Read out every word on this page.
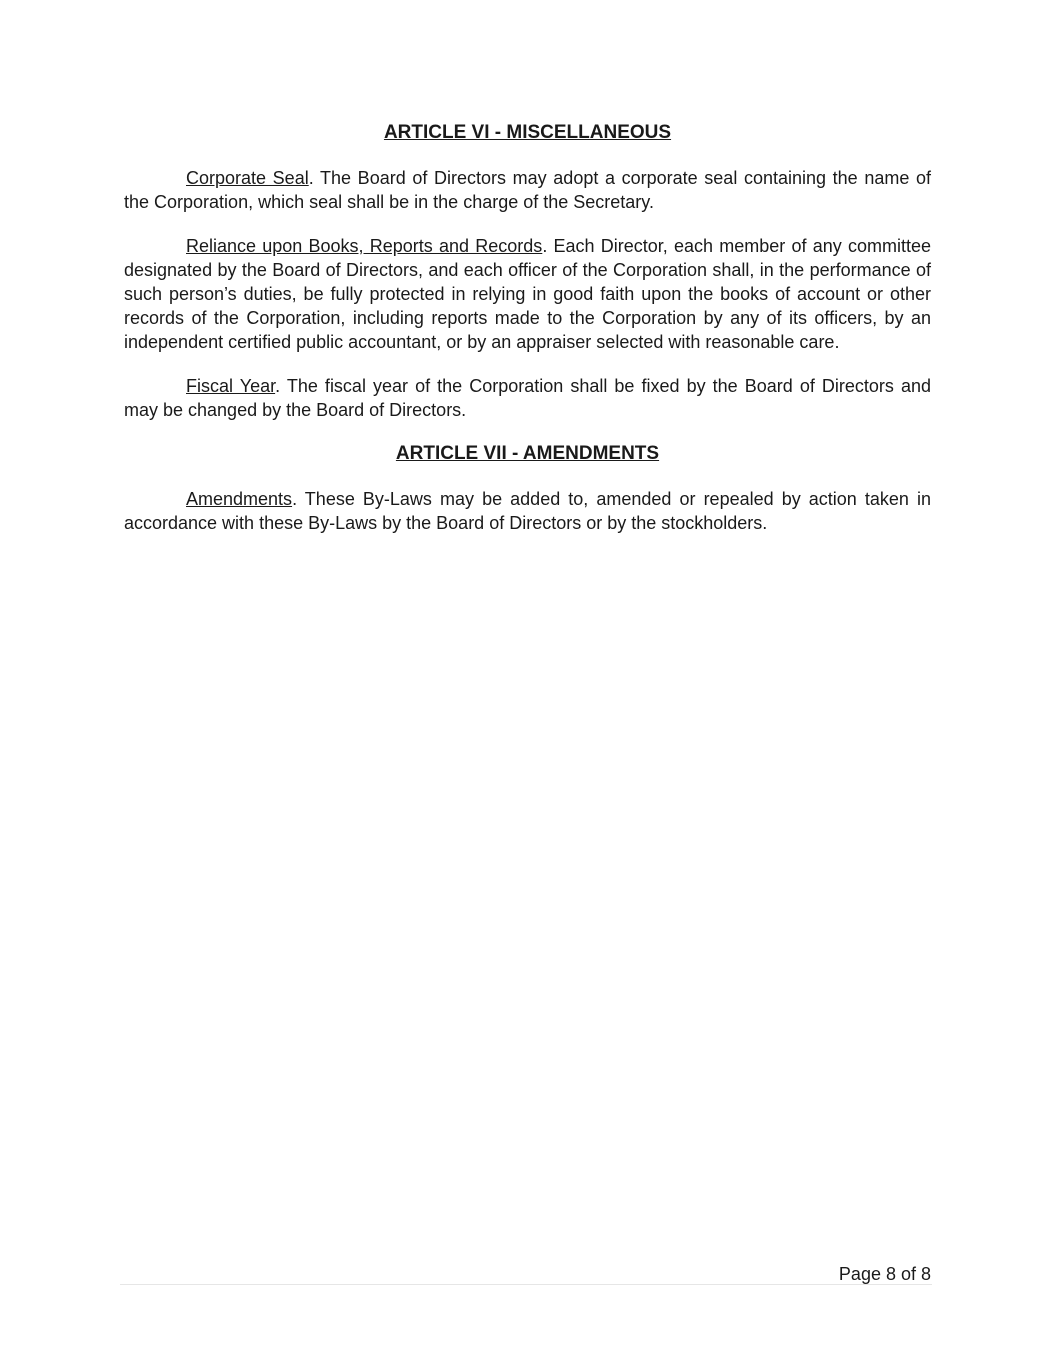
ARTICLE VI - MISCELLANEOUS

Corporate Seal. The Board of Directors may adopt a corporate seal containing the name of the Corporation, which seal shall be in the charge of the Secretary.

Reliance upon Books, Reports and Records. Each Director, each member of any committee designated by the Board of Directors, and each officer of the Corporation shall, in the performance of such person’s duties, be fully protected in relying in good faith upon the books of account or other records of the Corporation, including reports made to the Corporation by any of its officers, by an independent certified public accountant, or by an appraiser selected with reasonable care.

Fiscal Year. The fiscal year of the Corporation shall be fixed by the Board of Directors and may be changed by the Board of Directors.

ARTICLE VII - AMENDMENTS

Amendments. These By-Laws may be added to, amended or repealed by action taken in accordance with these By-Laws by the Board of Directors or by the stockholders.

Page 8 of 8
